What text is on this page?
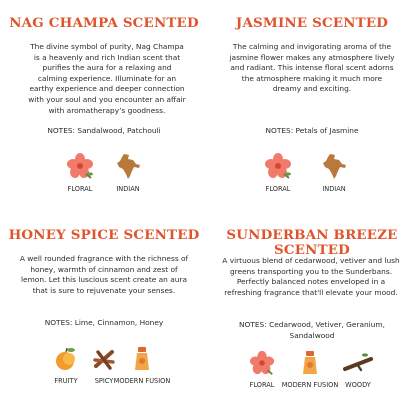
NAG CHAMPA SCENTED
The divine symbol of purity, Nag Champa is a heavenly and rich Indian scent that purifies the aura for a relaxing and calming experience. Illuminate for an earthy experience and deeper connection with your soul and you encounter an affair with aromatherapy’s goodness.
NOTES: Sandalwood, Patchouli
FLORAL	INDIAN
JASMINE SCENTED
The calming and invigorating aroma of the jasmine flower makes any atmosphere lively and radiant. This intense floral scent adorns the atmosphere making it much more dreamy and exciting.
NOTES: Petals of Jasmine
FLORAL	INDIAN
HONEY SPICE SCENTED
A well rounded fragrance with the richness of honey, warmth of cinnamon and zest of lemon. Let this luscious scent create an aura that is sure to rejuvenate your senses.
NOTES: Lime, Cinnamon, Honey
FRUITY	SPICY MODERN FUSION
SUNDERBAN BREEZE
SCENTED
A virtuous blend of cedarwood, vetiver and lush greens transporting you to the Sunderbans. Perfectly balanced notes enveloped in a refreshing fragrance that'll elevate your mood.
NOTES: Cedarwood, Vetiver, Geranium, Sandalwood
FLORAL	MODERN FUSION	WOODY
